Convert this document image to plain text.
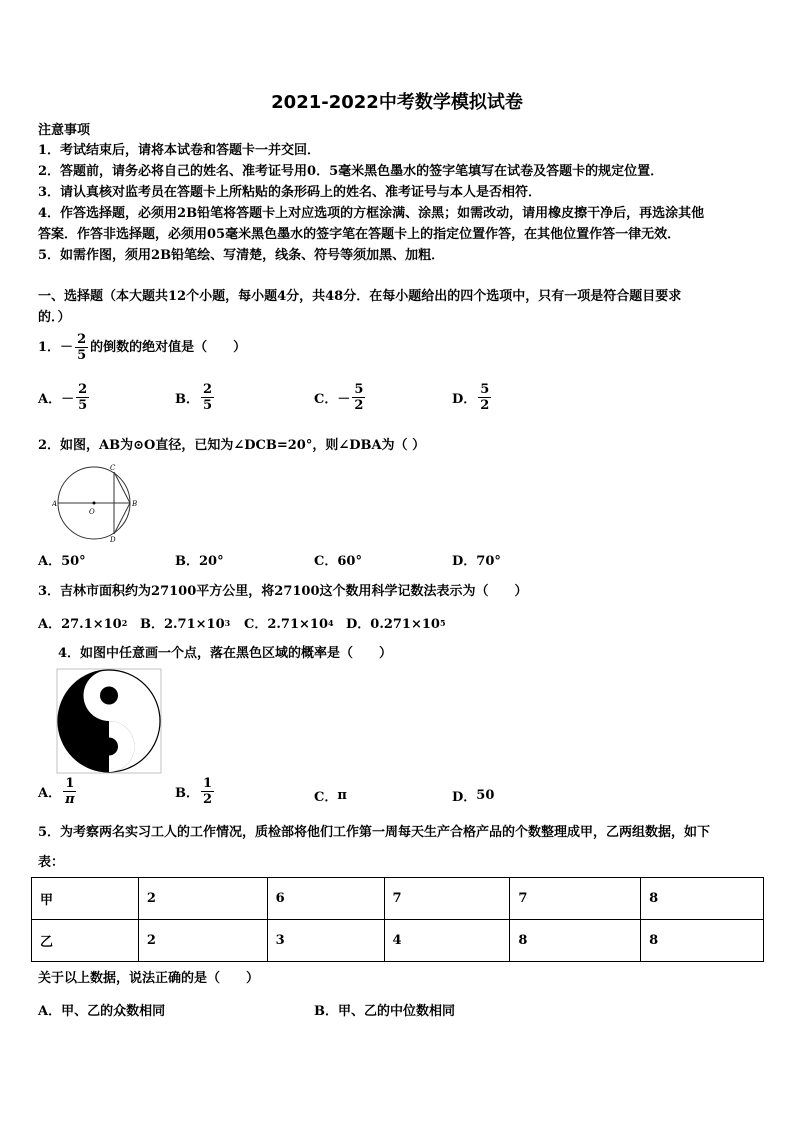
2021-2022中考数学模拟试卷
注意事项
1．考试结束后，请将本试卷和答题卡一并交回．
2．答题前，请务必将自己的姓名、准考证号用0．5毫米黑色墨水的签字笔填写在试卷及答题卡的规定位置．
3．请认真核对监考员在答题卡上所粘贴的条形码上的姓名、准考证号与本人是否相符．
4．作答选择题，必须用2B铅笔将答题卡上对应选项的方框涂满、涂黑；如需改动，请用橡皮擦干净后，再选涂其他
答案．作答非选择题，必须用05毫米黑色墨水的签字笔在答题卡上的指定位置作答，在其他位置作答一律无效．
5．如需作图，须用2B铅笔绘、写清楚，线条、符号等须加黑、加粗．
一、选择题（本大题共12个小题，每小题4分，共48分．在每小题给出的四个选项中，只有一项是符合题目要求
的．）
1． － $\frac{2}{5}$ 的倒数的绝对值是（　　）
A． － $\frac{2}{5}$	B． $\frac{2}{5}$	C． － $\frac{5}{2}$	D． $\frac{5}{2}$
2．如图，AB为⊙O直径，已知为∠DCB=20°，则∠DBA为（ ）
C
A
O
B
D
A．50°	B．20°	C．60°	D．70°
3．吉林市面积约为27100平方公里，将27100这个数用科学记数法表示为（　　）
A．27.1×10 2 B．2.71×10 3 C．2.71×10 4 D．0.271×10 5
4．如图中任意画一个点，落在黑色区域的概率是（　　）
A． $\frac{1}{\pi}$	B． $\frac{1}{2}$	C． π	D． 50
5．为考察两名实习工人的工作情况，质检部将他们工作第一周每天生产合格产品的个数整理成甲，乙两组数据，如下
表：
甲	2	6	7	7	8
乙	2	3	4	8	8
关于以上数据，说法正确的是（　　）
A．甲、乙的众数相同	B．甲、乙的中位数相同
